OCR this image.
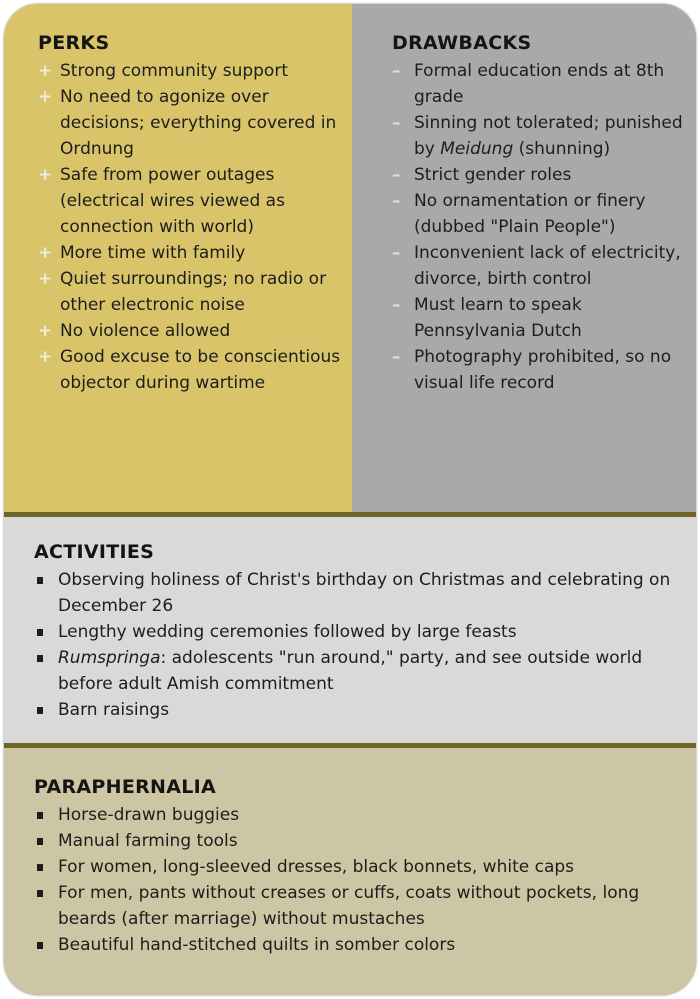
PERKS
+ Strong community support
+ No need to agonize over decisions; everything covered in Ordnung
+ Safe from power outages (electrical wires viewed as connection with world)
+ More time with family
+ Quiet surroundings; no radio or other electronic noise
+ No violence allowed
+ Good excuse to be conscientious objector during wartime
DRAWBACKS
– Formal education ends at 8th grade
– Sinning not tolerated; punished by Meidung (shunning)
– Strict gender roles
– No ornamentation or finery (dubbed "Plain People")
– Inconvenient lack of electricity, divorce, birth control
– Must learn to speak Pennsylvania Dutch
– Photography prohibited, so no visual life record
ACTIVITIES
Observing holiness of Christ's birthday on Christmas and celebrating on December 26
Lengthy wedding ceremonies followed by large feasts
Rumspringa: adolescents "run around," party, and see outside world before adult Amish commitment
Barn raisings
PARAPHERNALIA
Horse-drawn buggies
Manual farming tools
For women, long-sleeved dresses, black bonnets, white caps
For men, pants without creases or cuffs, coats without pockets, long beards (after marriage) without mustaches
Beautiful hand-stitched quilts in somber colors
